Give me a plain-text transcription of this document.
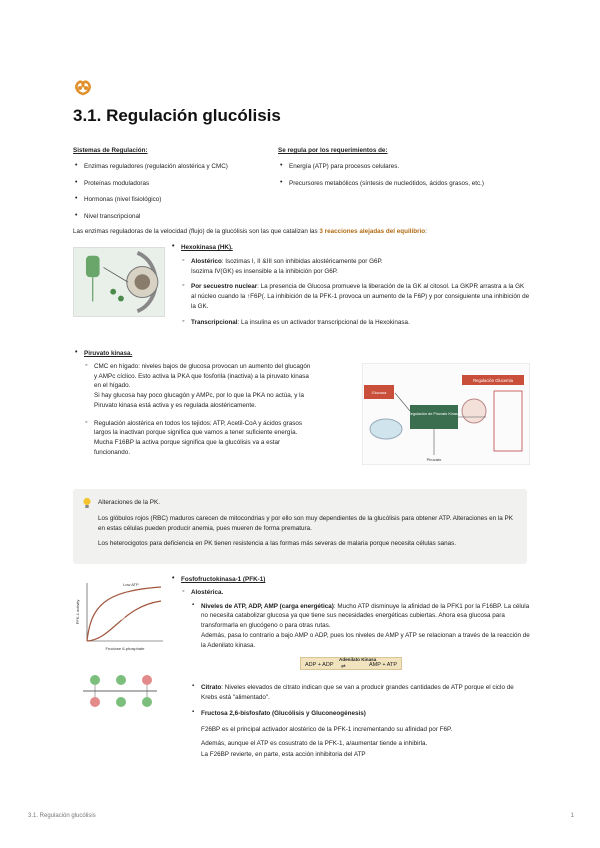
3.1. Regulación glucólisis
Sistemas de Regulación:
• Enzimas reguladores (regulación alostérica y CMC)
• Proteínas moduladoras
• Hormonas (nivel fisiológico)
• Nivel transcripcional
Se regula por los requerimientos de:
• Energía (ATP) para procesos celulares.
• Precursores metabólicos (síntesis de nucleótidos, ácidos grasos, etc.)
Las enzimas reguladoras de la velocidad (flujo) de la glucólisis son las que catalizan las 3 reacciones alejadas del equilibrio:
• Hexokinasa (HK).
◦ Alostérico: Isozimas I, II &III son inhibidas alostéricamente por G6P.
Isozima IV(GK) es insensible a la inhibición por G6P.
◦ Por secuestro nuclear: La presencia de Glucosa promueve la liberación de la GK al citosol. La GKPR arrastra a la GK al núcleo cuando la ↑F6P(. La inhibición de la PFK-1 provoca un aumento de la F6P) y por consiguiente una inhibición de la GK.
◦ Transcripcional: La insulina es un activador transcripcional de la Hexokinasa.
• Piruvato kinasa.
◦ CMC en hígado: niveles bajos de glucosa provocan un aumento del glucagón
y AMPc cíclico. Esto activa la PKA que fosforila (inactiva) a la piruvato kinasa
en el hígado.
Si hay glucosa hay poco glucagón y AMPc, por lo que la PKA no actúa, y la
Piruvato kinasa está activa y es regulada alostéricamente.
◦ Regulación alostérica en todos los tejidos: ATP, Acetil-CoA y ácidos grasos
largos la inactivan porque significa que vamos a tener suficiente energía.
Mucha F16BP la activa porque significa que la glucólisis va a estar
funcionando.
Glucosa
Regulación Glucemia
Regulación de Piruvato Kinasa
Piruvato

Alteraciones de la PK.

Los glóbulos rojos (RBC) maduros carecen de mitocondrias y por ello son muy dependientes de la glucólisis para obtener ATP. Alteraciones en la PK en estas células pueden producir anemia, pues mueren de forma prematura.

Los heterocigotos para deficiencia en PK tienen resistencia a las formas más severas de malaria porque necesita células sanas.

Low ATP
High ATP
Fructose 6-phosphate
PFK-1 activity
• Fosfofructokinasa-1 (PFK-1)
◦ Alostérica.
▪ Niveles de ATP, ADP, AMP (carga energética): Mucho ATP disminuye la afinidad de la PFK1 por la F16BP. La célula no necesita catabolizar glucosa ya que tiene sus necesidades energéticas cubiertas. Ahora esa glucosa para transformarla en glucógeno o para otras rutas.
Además, pasa lo contrario a bajo AMP o ADP, pues los niveles de AMP y ATP se relacionan a través de la reacción de la Adenilato kinasa.
ADP + ADP
Adenilato Kinasa
⇌	AMP + ATP
▪ Citrato: Niveles elevados de citrato indican que se van a producir grandes cantidades de ATP porque el ciclo de Krebs está "alimentado".
▪ Fructosa 2,6-bisfosfato (Glucólisis y Gluconeogénesis)

F26BP es el principal activador alostérico de la PFK-1 incrementando su afinidad por F6P.

Además, aunque el ATP es cosustrato de la PFK-1, a/aumentar tiende a inhibirla.

La F26BP revierte, en parte, esta acción inhibitoria del ATP

3.1. Regulación glucólisis	1
